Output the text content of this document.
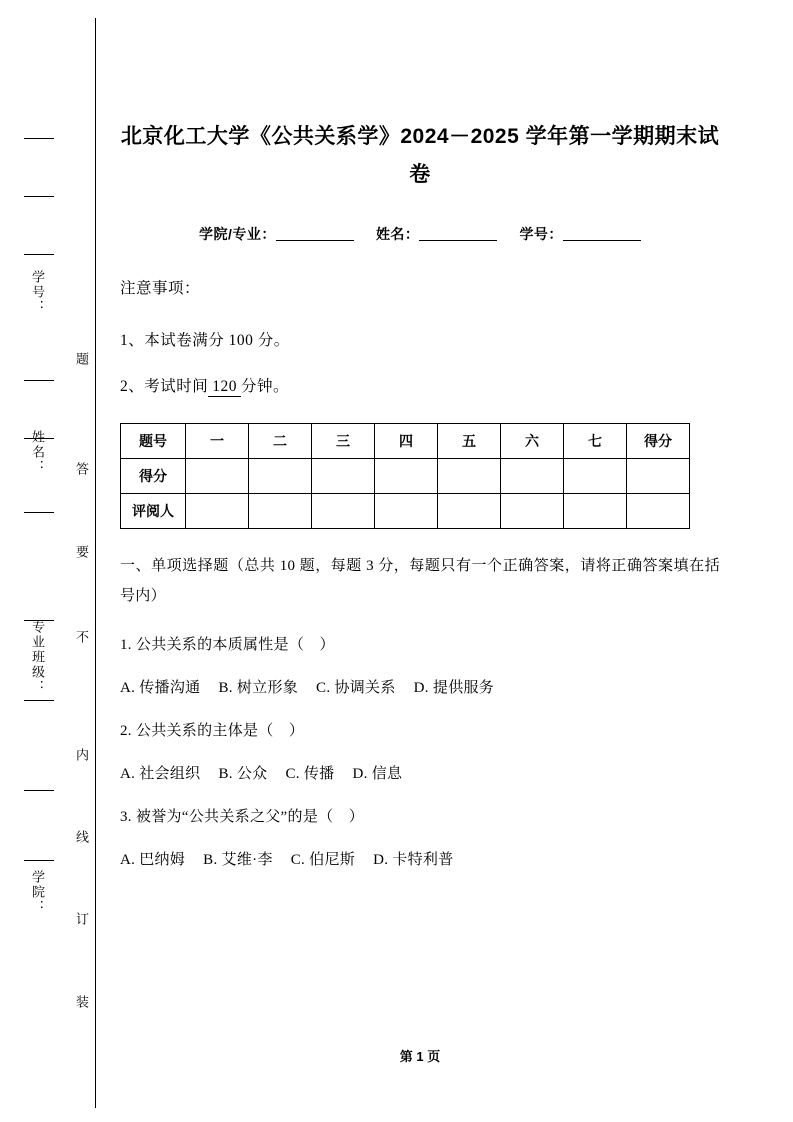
学号：
姓名：
专业班级：
学院：
题
答
要
不
内
线
订
装
北京化工大学《公共关系学》2024－2025 学年第一学期期末试卷
学院/专业：	姓名：	学号：
注意事项：
1、本试卷满分 100 分。
2、考试时间 120 分钟。
题号	一	二	三	四	五	六	七	得分
得分								
评阅人								
一、单项选择题（总共 10 题，每题 3 分，每题只有一个正确答案，请将正确答案填在括号内）
1. 公共关系的本质属性是（　）
A. 传播沟通 B. 树立形象 C. 协调关系 D. 提供服务
2. 公共关系的主体是（　）
A. 社会组织 B. 公众 C. 传播 D. 信息
3. 被誉为“公共关系之父”的是（　）
A. 巴纳姆 B. 艾维·李 C. 伯尼斯 D. 卡特利普
第 1 页
